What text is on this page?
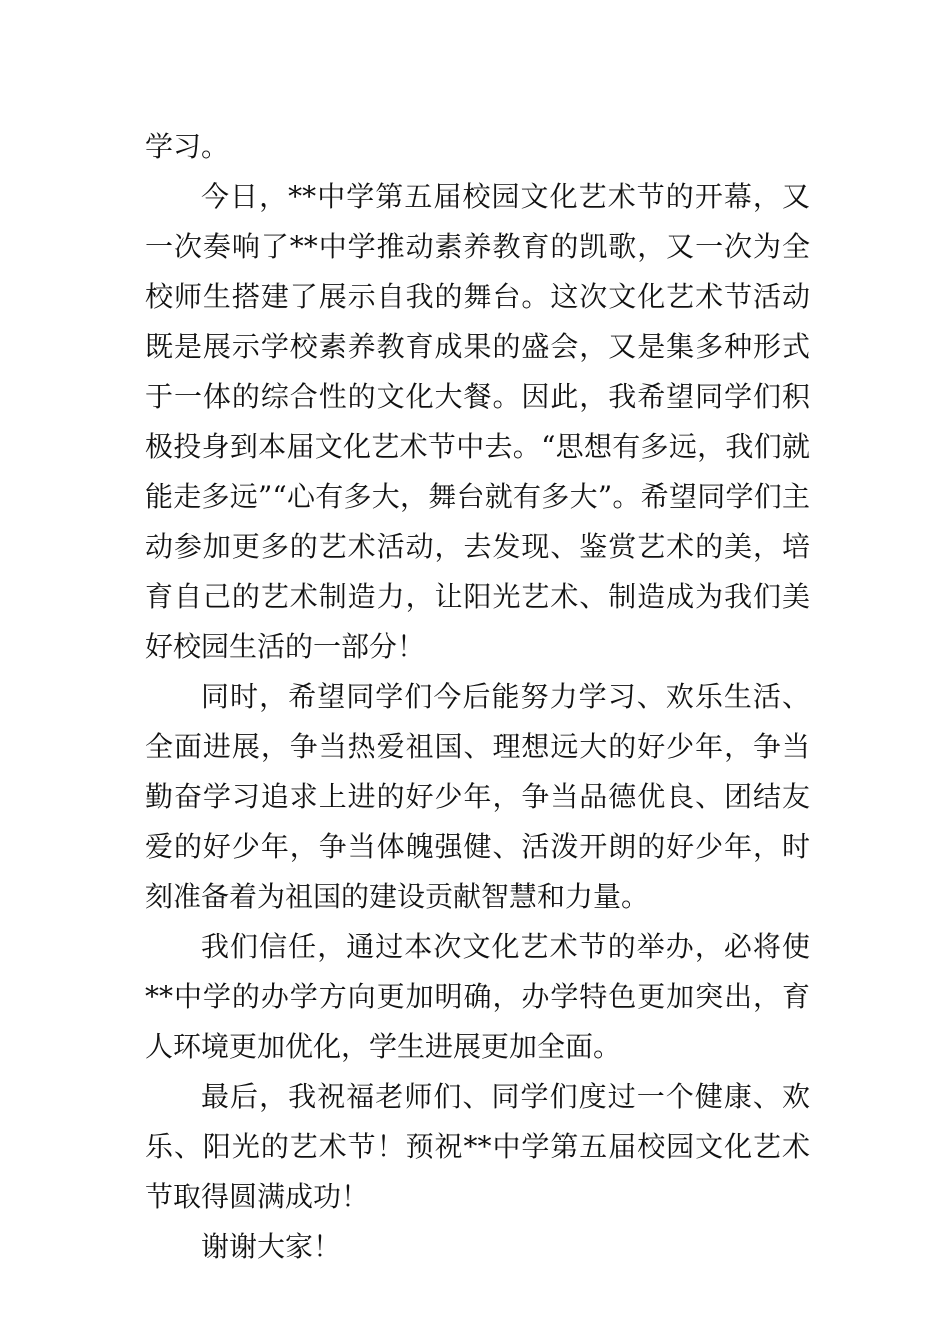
学习。

今日，**中学第五届校园文化艺术节的开幕，又一次奏响了**中学推动素养教育的凯歌，又一次为全校师生搭建了展示自我的舞台。这次文化艺术节活动既是展示学校素养教育成果的盛会，又是集多种形式于一体的综合性的文化大餐。因此，我希望同学们积极投身到本届文化艺术节中去。“思想有多远，我们就能走多远”“心有多大，舞台就有多大”。希望同学们主动参加更多的艺术活动，去发现、鉴赏艺术的美，培育自己的艺术制造力，让阳光艺术、制造成为我们美好校园生活的一部分！

同时，希望同学们今后能努力学习、欢乐生活、全面进展，争当热爱祖国、理想远大的好少年，争当勤奋学习追求上进的好少年，争当品德优良、团结友爱的好少年，争当体魄强健、活泼开朗的好少年，时刻准备着为祖国的建设贡献智慧和力量。

我们信任，通过本次文化艺术节的举办，必将使**中学的办学方向更加明确，办学特色更加突出，育人环境更加优化，学生进展更加全面。

最后，我祝福老师们、同学们度过一个健康、欢乐、阳光的艺术节！预祝**中学第五届校园文化艺术节取得圆满成功！

谢谢大家！
